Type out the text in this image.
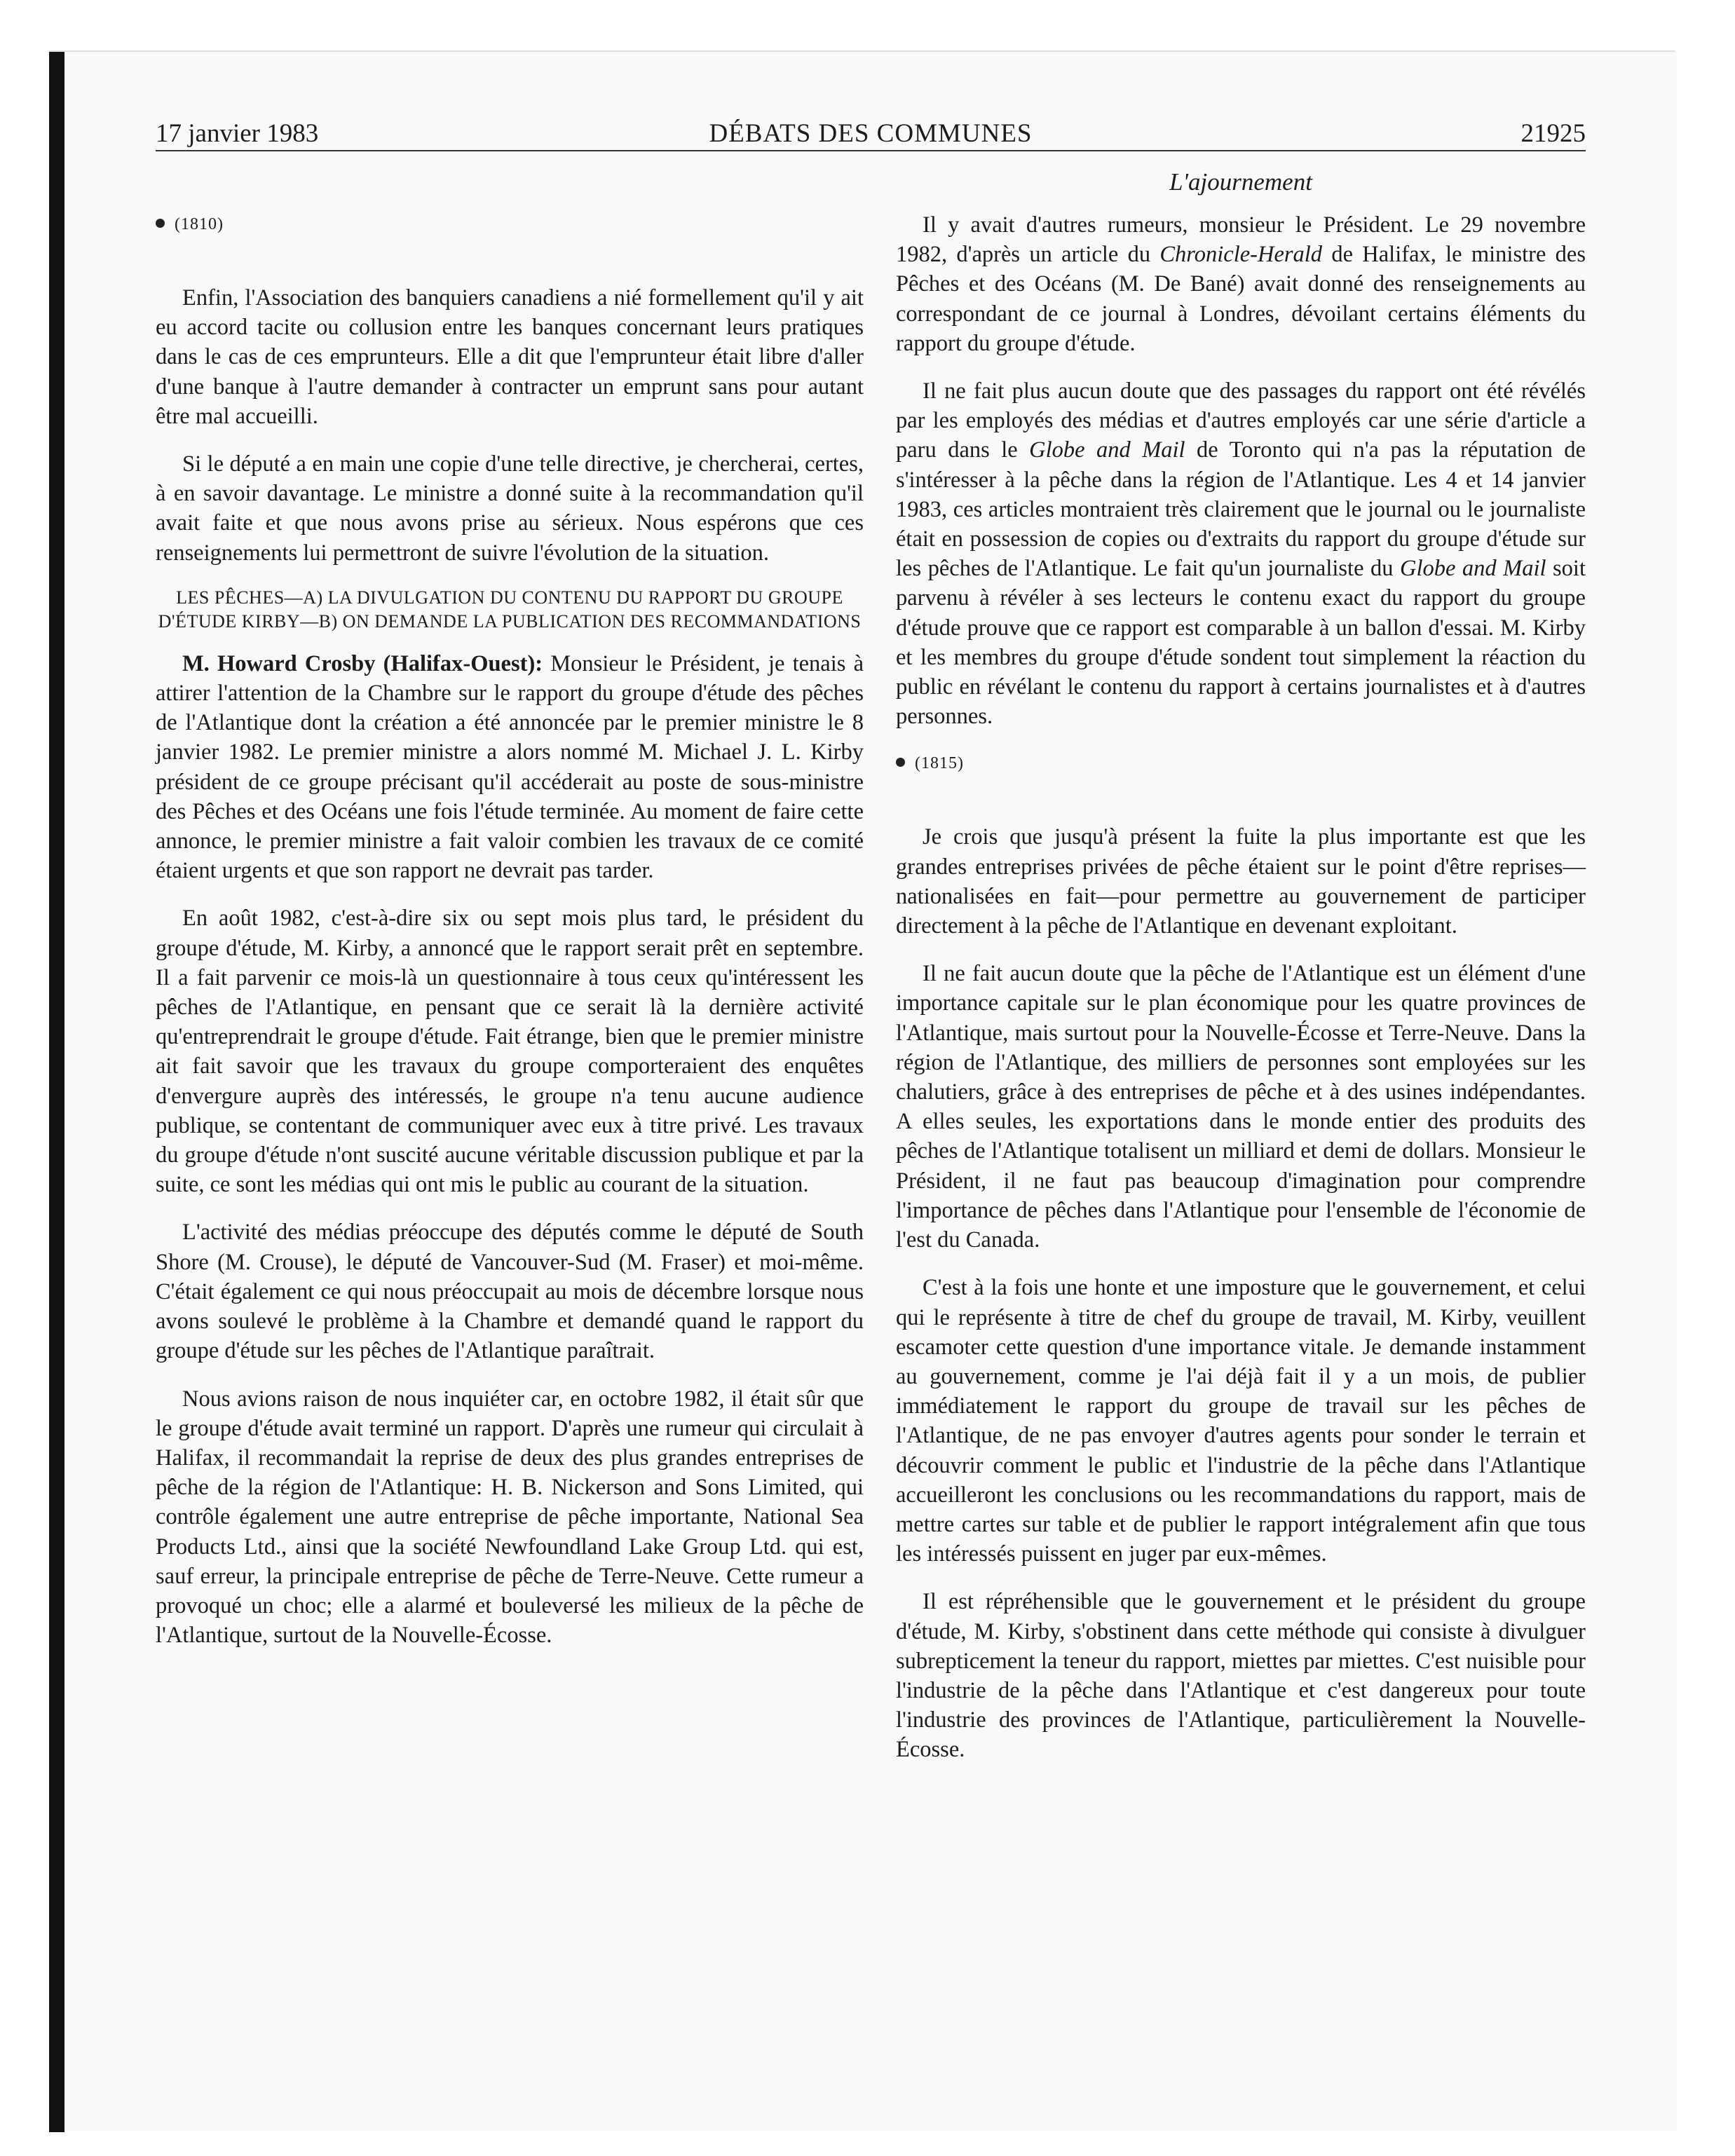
17 janvier 1983	DÉBATS DES COMMUNES	21925
L'ajournement
(1810)

Enfin, l'Association des banquiers canadiens a nié formellement qu'il y ait eu accord tacite ou collusion entre les banques concernant leurs pratiques dans le cas de ces emprunteurs. Elle a dit que l'emprunteur était libre d'aller d'une banque à l'autre demander à contracter un emprunt sans pour autant être mal accueilli.

Si le député a en main une copie d'une telle directive, je chercherai, certes, à en savoir davantage. Le ministre a donné suite à la recommandation qu'il avait faite et que nous avons prise au sérieux. Nous espérons que ces renseignements lui permettront de suivre l'évolution de la situation.

LES PÊCHES—A) LA DIVULGATION DU CONTENU DU RAPPORT DU GROUPE D'ÉTUDE KIRBY—B) ON DEMANDE LA PUBLICATION DES RECOMMANDATIONS

M. Howard Crosby (Halifax-Ouest): Monsieur le Président, je tenais à attirer l'attention de la Chambre sur le rapport du groupe d'étude des pêches de l'Atlantique dont la création a été annoncée par le premier ministre le 8 janvier 1982. Le premier ministre a alors nommé M. Michael J. L. Kirby président de ce groupe précisant qu'il accéderait au poste de sous-ministre des Pêches et des Océans une fois l'étude terminée. Au moment de faire cette annonce, le premier ministre a fait valoir combien les travaux de ce comité étaient urgents et que son rapport ne devrait pas tarder.

En août 1982, c'est-à-dire six ou sept mois plus tard, le président du groupe d'étude, M. Kirby, a annoncé que le rapport serait prêt en septembre. Il a fait parvenir ce mois-là un questionnaire à tous ceux qu'intéressent les pêches de l'Atlantique, en pensant que ce serait là la dernière activité qu'entreprendrait le groupe d'étude. Fait étrange, bien que le premier ministre ait fait savoir que les travaux du groupe comporteraient des enquêtes d'envergure auprès des intéressés, le groupe n'a tenu aucune audience publique, se contentant de communiquer avec eux à titre privé. Les travaux du groupe d'étude n'ont suscité aucune véritable discussion publique et par la suite, ce sont les médias qui ont mis le public au courant de la situation.

L'activité des médias préoccupe des députés comme le député de South Shore (M. Crouse), le député de Vancouver-Sud (M. Fraser) et moi-même. C'était également ce qui nous préoccupait au mois de décembre lorsque nous avons soulevé le problème à la Chambre et demandé quand le rapport du groupe d'étude sur les pêches de l'Atlantique paraîtrait.

Nous avions raison de nous inquiéter car, en octobre 1982, il était sûr que le groupe d'étude avait terminé un rapport. D'après une rumeur qui circulait à Halifax, il recommandait la reprise de deux des plus grandes entreprises de pêche de la région de l'Atlantique: H. B. Nickerson and Sons Limited, qui contrôle également une autre entreprise de pêche importante, National Sea Products Ltd., ainsi que la société Newfoundland Lake Group Ltd. qui est, sauf erreur, la principale entreprise de pêche de Terre-Neuve. Cette rumeur a provoqué un choc; elle a alarmé et bouleversé les milieux de la pêche de l'Atlantique, surtout de la Nouvelle-Écosse.

Il y avait d'autres rumeurs, monsieur le Président. Le 29 novembre 1982, d'après un article du Chronicle-Herald de Halifax, le ministre des Pêches et des Océans (M. De Bané) avait donné des renseignements au correspondant de ce journal à Londres, dévoilant certains éléments du rapport du groupe d'étude.

Il ne fait plus aucun doute que des passages du rapport ont été révélés par les employés des médias et d'autres employés car une série d'article a paru dans le Globe and Mail de Toronto qui n'a pas la réputation de s'intéresser à la pêche dans la région de l'Atlantique. Les 4 et 14 janvier 1983, ces articles montraient très clairement que le journal ou le journaliste était en possession de copies ou d'extraits du rapport du groupe d'étude sur les pêches de l'Atlantique. Le fait qu'un journaliste du Globe and Mail soit parvenu à révéler à ses lecteurs le contenu exact du rapport du groupe d'étude prouve que ce rapport est comparable à un ballon d'essai. M. Kirby et les membres du groupe d'étude sondent tout simplement la réaction du public en révélant le contenu du rapport à certains journalistes et à d'autres personnes.

(1815)

Je crois que jusqu'à présent la fuite la plus importante est que les grandes entreprises privées de pêche étaient sur le point d'être reprises—nationalisées en fait—pour permettre au gouvernement de participer directement à la pêche de l'Atlantique en devenant exploitant.

Il ne fait aucun doute que la pêche de l'Atlantique est un élément d'une importance capitale sur le plan économique pour les quatre provinces de l'Atlantique, mais surtout pour la Nouvelle-Écosse et Terre-Neuve. Dans la région de l'Atlantique, des milliers de personnes sont employées sur les chalutiers, grâce à des entreprises de pêche et à des usines indépendantes. A elles seules, les exportations dans le monde entier des produits des pêches de l'Atlantique totalisent un milliard et demi de dollars. Monsieur le Président, il ne faut pas beaucoup d'imagination pour comprendre l'importance de pêches dans l'Atlantique pour l'ensemble de l'économie de l'est du Canada.

C'est à la fois une honte et une imposture que le gouvernement, et celui qui le représente à titre de chef du groupe de travail, M. Kirby, veuillent escamoter cette question d'une importance vitale. Je demande instamment au gouvernement, comme je l'ai déjà fait il y a un mois, de publier immédiatement le rapport du groupe de travail sur les pêches de l'Atlantique, de ne pas envoyer d'autres agents pour sonder le terrain et découvrir comment le public et l'industrie de la pêche dans l'Atlantique accueilleront les conclusions ou les recommandations du rapport, mais de mettre cartes sur table et de publier le rapport intégralement afin que tous les intéressés puissent en juger par eux-mêmes.

Il est répréhensible que le gouvernement et le président du groupe d'étude, M. Kirby, s'obstinent dans cette méthode qui consiste à divulguer subrepticement la teneur du rapport, miettes par miettes. C'est nuisible pour l'industrie de la pêche dans l'Atlantique et c'est dangereux pour toute l'industrie des provinces de l'Atlantique, particulièrement la Nouvelle-Écosse.
